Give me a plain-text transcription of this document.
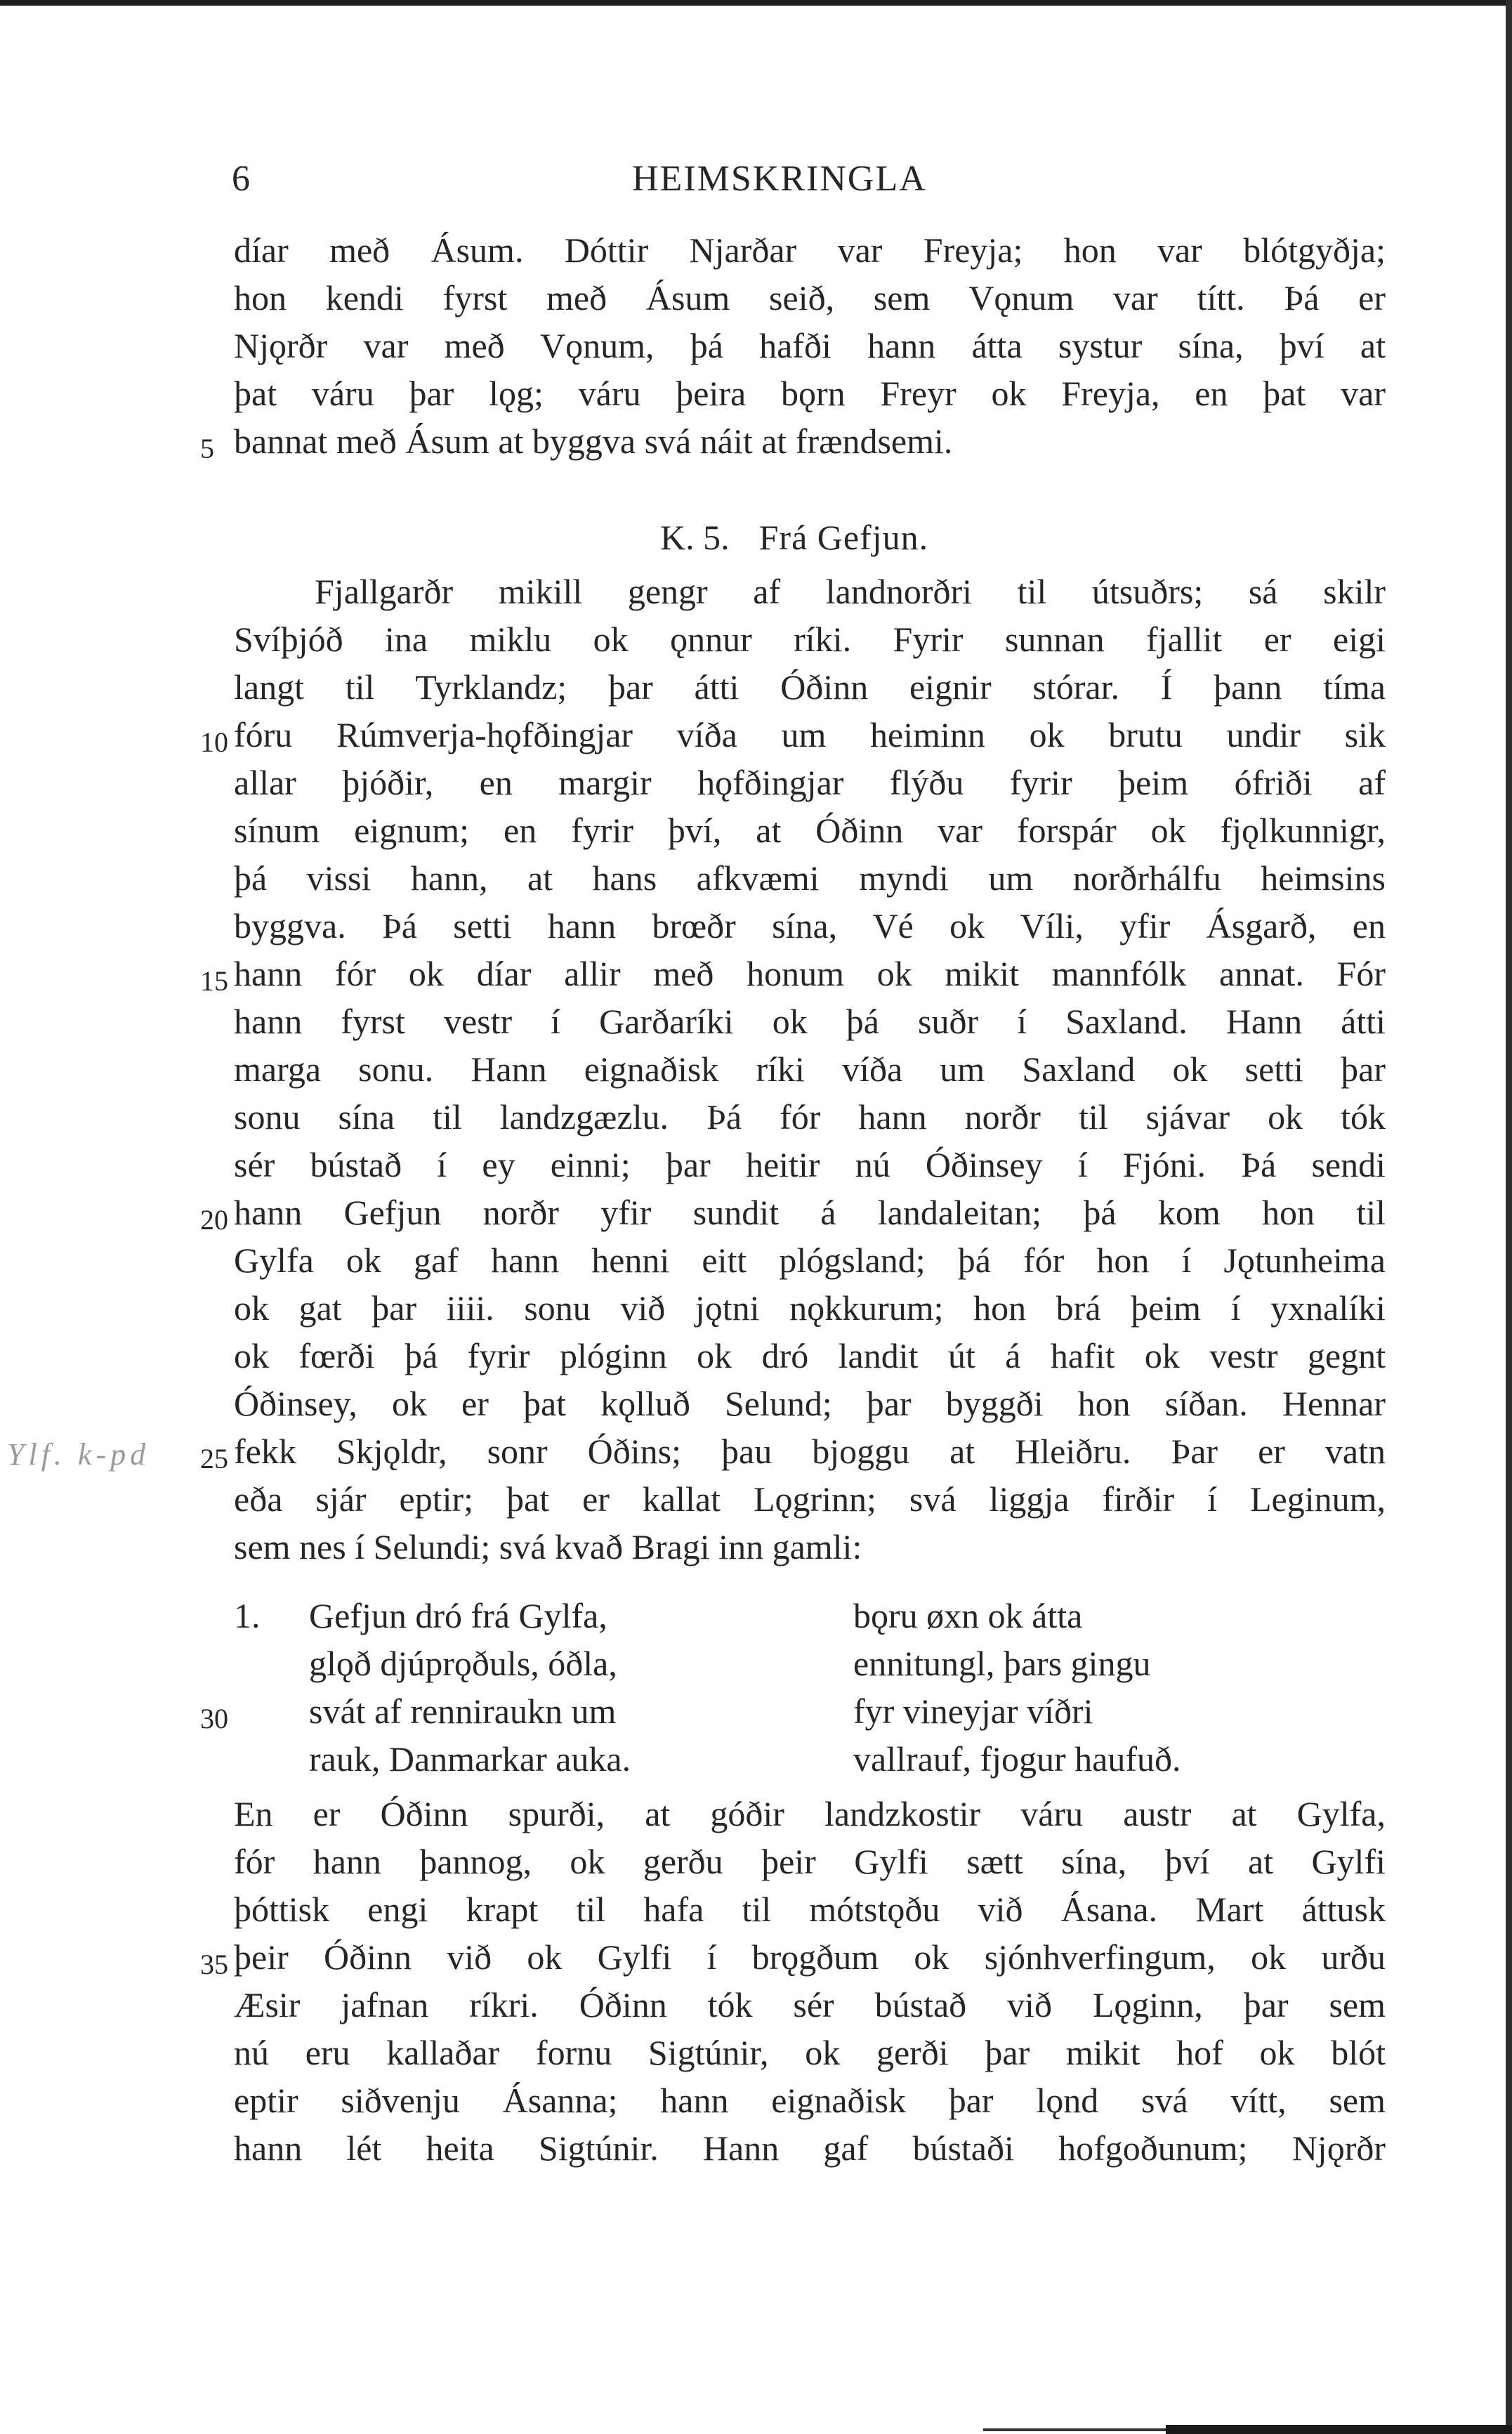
6	HEIMSKRINGLA
díar með Ásum. Dóttir Njarðar var Freyja; hon var blótgyðja;
hon kendi fyrst með Ásum seið, sem Vǫnum var títt. Þá er
Njǫrðr var með Vǫnum, þá hafði hann átta systur sína, því at
þat váru þar lǫg; váru þeira bǫrn Freyr ok Freyja, en þat var
bannat með Ásum at byggva svá náit at frændsemi.
K. 5. Frá Gefjun.
Fjallgarðr mikill gengr af landnorðri til útsuðrs; sá skilr
Svíþjóð ina miklu ok ǫnnur ríki. Fyrir sunnan fjallit er eigi
langt til Tyrklandz; þar átti Óðinn eignir stórar. Í þann tíma
fóru Rúmverja-hǫfðingjar víða um heiminn ok brutu undir sik
allar þjóðir, en margir hǫfðingjar flýðu fyrir þeim ófriði af
sínum eignum; en fyrir því, at Óðinn var forspár ok fjǫlkunnigr,
þá vissi hann, at hans afkvæmi myndi um norðrhálfu heimsins
byggva. Þá setti hann brœðr sína, Vé ok Víli, yfir Ásgarð, en
hann fór ok díar allir með honum ok mikit mannfólk annat. Fór
hann fyrst vestr í Garðaríki ok þá suðr í Saxland. Hann átti
marga sonu. Hann eignaðisk ríki víða um Saxland ok setti þar
sonu sína til landzgæzlu. Þá fór hann norðr til sjávar ok tók
sér bústað í ey einni; þar heitir nú Óðinsey í Fjóni. Þá sendi
hann Gefjun norðr yfir sundit á landaleitan; þá kom hon til
Gylfa ok gaf hann henni eitt plógsland; þá fór hon í Jǫtunheima
ok gat þar iiii. sonu við jǫtni nǫkkurum; hon brá þeim í yxnalíki
ok fœrði þá fyrir plóginn ok dró landit út á hafit ok vestr gegnt
Óðinsey, ok er þat kǫlluð Selund; þar byggði hon síðan. Hennar
fekk Skjǫldr, sonr Óðins; þau bjoggu at Hleiðru. Þar er vatn
eða sjár eptir; þat er kallat Lǫgrinn; svá liggja firðir í Leginum,
sem nes í Selundi; svá kvað Bragi inn gamli:
1. Gefjun dró frá Gylfa,
glǫð djúprǫðuls, óðla,
svát af renniraukn um
rauk, Danmarkar auka.
bǫru øxn ok átta
ennitungl, þars gingu
fyr vineyjar víðri
vallrauf, fjogur haufuð.
En er Óðinn spurði, at góðir landzkostir váru austr at Gylfa,
fór hann þannog, ok gerðu þeir Gylfi sætt sína, því at Gylfi
þóttisk engi krapt til hafa til mótstǫðu við Ásana. Mart áttusk
þeir Óðinn við ok Gylfi í brǫgðum ok sjónhverfingum, ok urðu
Æsir jafnan ríkri. Óðinn tók sér bústað við Lǫginn, þar sem
nú eru kallaðar fornu Sigtúnir, ok gerði þar mikit hof ok blót
eptir siðvenju Ásanna; hann eignaðisk þar lǫnd svá vítt, sem
hann lét heita Sigtúnir. Hann gaf bústaði hofgoðunum; Njǫrðr
5
10
15
20
25
30
35
Ylf. k-pd
